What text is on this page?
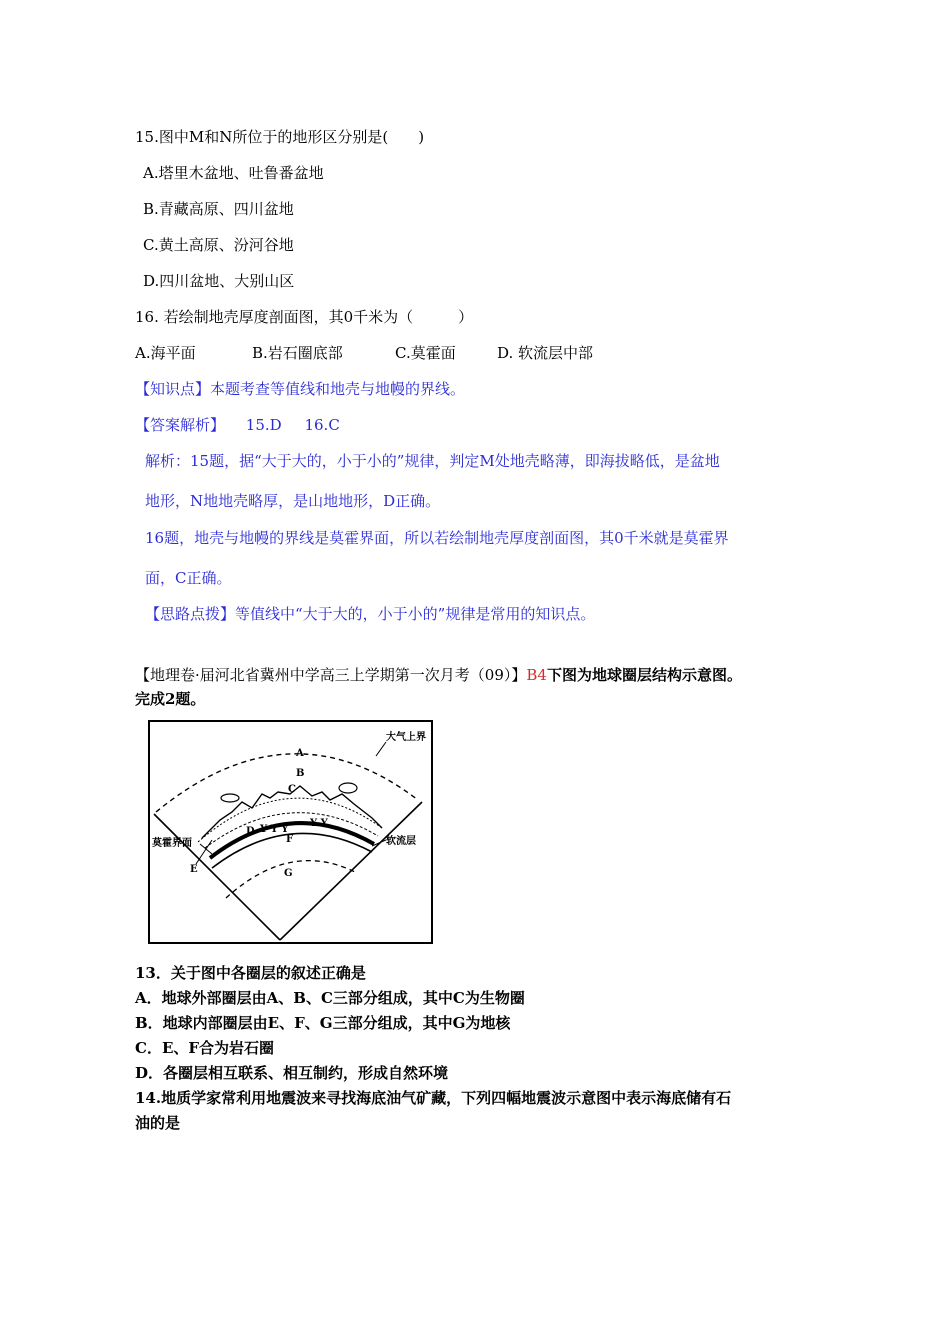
15.图中M和N所位于的地形区分别是(　　)
A.塔里木盆地、吐鲁番盆地
B.青藏高原、四川盆地
C.黄土高原、汾河谷地
D.四川盆地、大别山区
16. 若绘制地壳厚度剖面图，其0千米为（　　　）
A.海平面	B.岩石圈底部	C.莫霍面	D. 软流层中部
【知识点】本题考查等值线和地壳与地幔的界线。
【答案解析】 15.D 16.C
解析：15题，据“大于大的，小于小的”规律，判定M处地壳略薄，即海拔略低，是盆地
地形，N地地壳略厚，是山地地形，D正确。
16题，地壳与地幔的界线是莫霍界面，所以若绘制地壳厚度剖面图，其0千米就是莫霍界
面，C正确。
【思路点拨】等值线中“大于大的，小于小的”规律是常用的知识点。
【地理卷·届河北省冀州中学高三上学期第一次月考（09）】B4下图为地球圈层结构示意图。
完成2题。
Y Y Y
Y Y
大气上界
A
B
C
D
E
F
G
莫霍界面	软流层
13．关于图中各圈层的叙述正确是
A．地球外部圈层由A、B、C三部分组成，其中C为生物圈
B．地球内部圈层由E、F、G三部分组成，其中G为地核
C．E、F合为岩石圈
D．各圈层相互联系、相互制约，形成自然环境
14.地质学家常利用地震波来寻找海底油气矿藏，下列四幅地震波示意图中表示海底储有石
油的是
